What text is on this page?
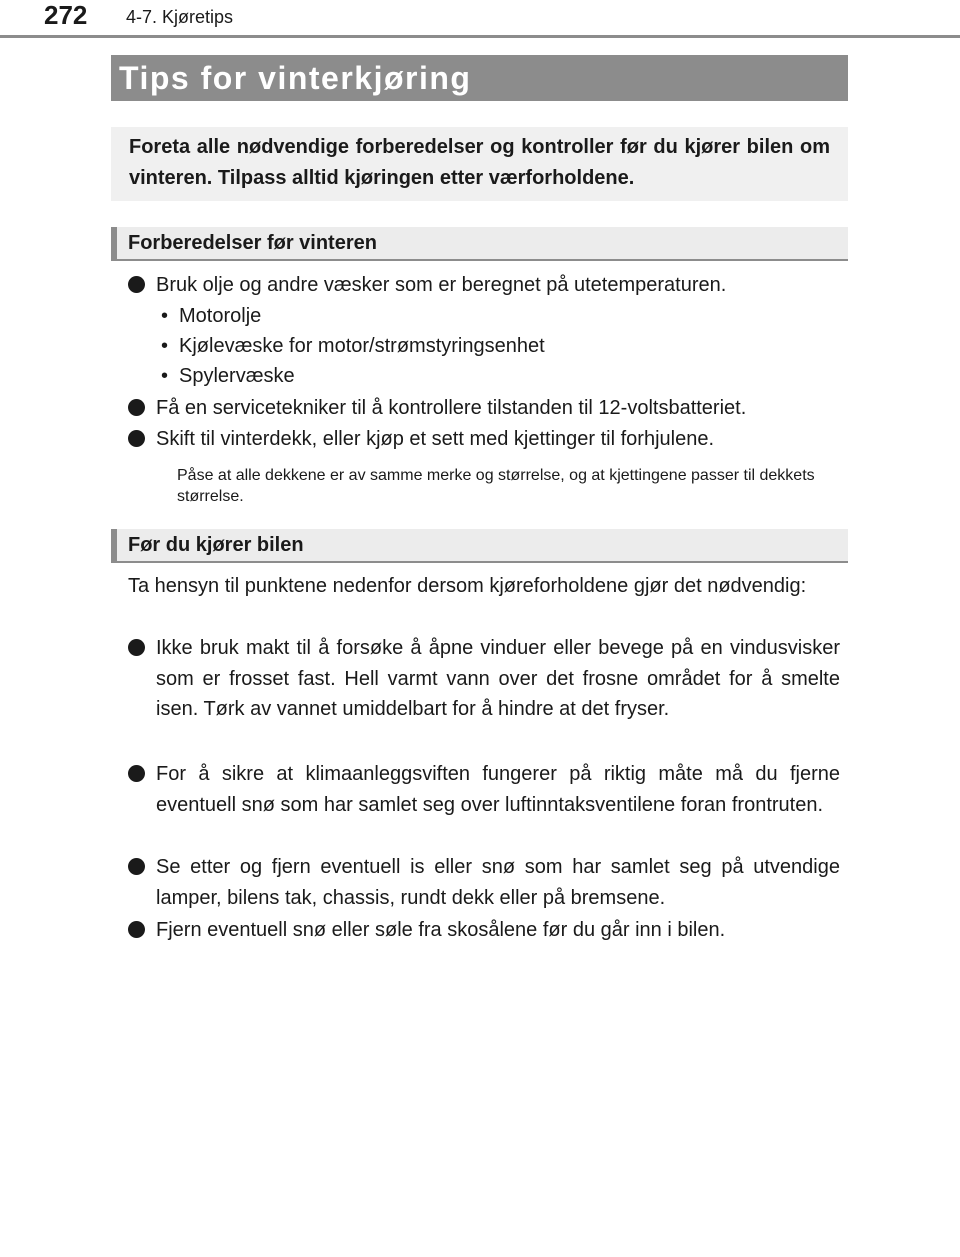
272 4-7. Kjøretips
Tips for vinterkjøring
Foreta alle nødvendige forberedelser og kontroller før du kjører bilen om vinteren. Tilpass alltid kjøringen etter værforholdene.
Forberedelser før vinteren
Bruk olje og andre væsker som er beregnet på utetemperaturen.
• Motorolje
• Kjølevæske for motor/strømstyringsenhet
• Spylervæske
Få en servicetekniker til å kontrollere tilstanden til 12-voltsbatteriet.
Skift til vinterdekk, eller kjøp et sett med kjettinger til forhjulene.
Påse at alle dekkene er av samme merke og størrelse, og at kjettingene passer til dekkets størrelse.
Før du kjører bilen
Ta hensyn til punktene nedenfor dersom kjøreforholdene gjør det nødvendig:
Ikke bruk makt til å forsøke å åpne vinduer eller bevege på en vindusvisker som er frosset fast. Hell varmt vann over det frosne området for å smelte isen. Tørk av vannet umiddelbart for å hindre at det fryser.
For å sikre at klimaanleggsviften fungerer på riktig måte må du fjerne eventuell snø som har samlet seg over luftinntaksventilene foran frontruten.
Se etter og fjern eventuell is eller snø som har samlet seg på utvendige lamper, bilens tak, chassis, rundt dekk eller på bremsene.
Fjern eventuell snø eller søle fra skosålene før du går inn i bilen.
